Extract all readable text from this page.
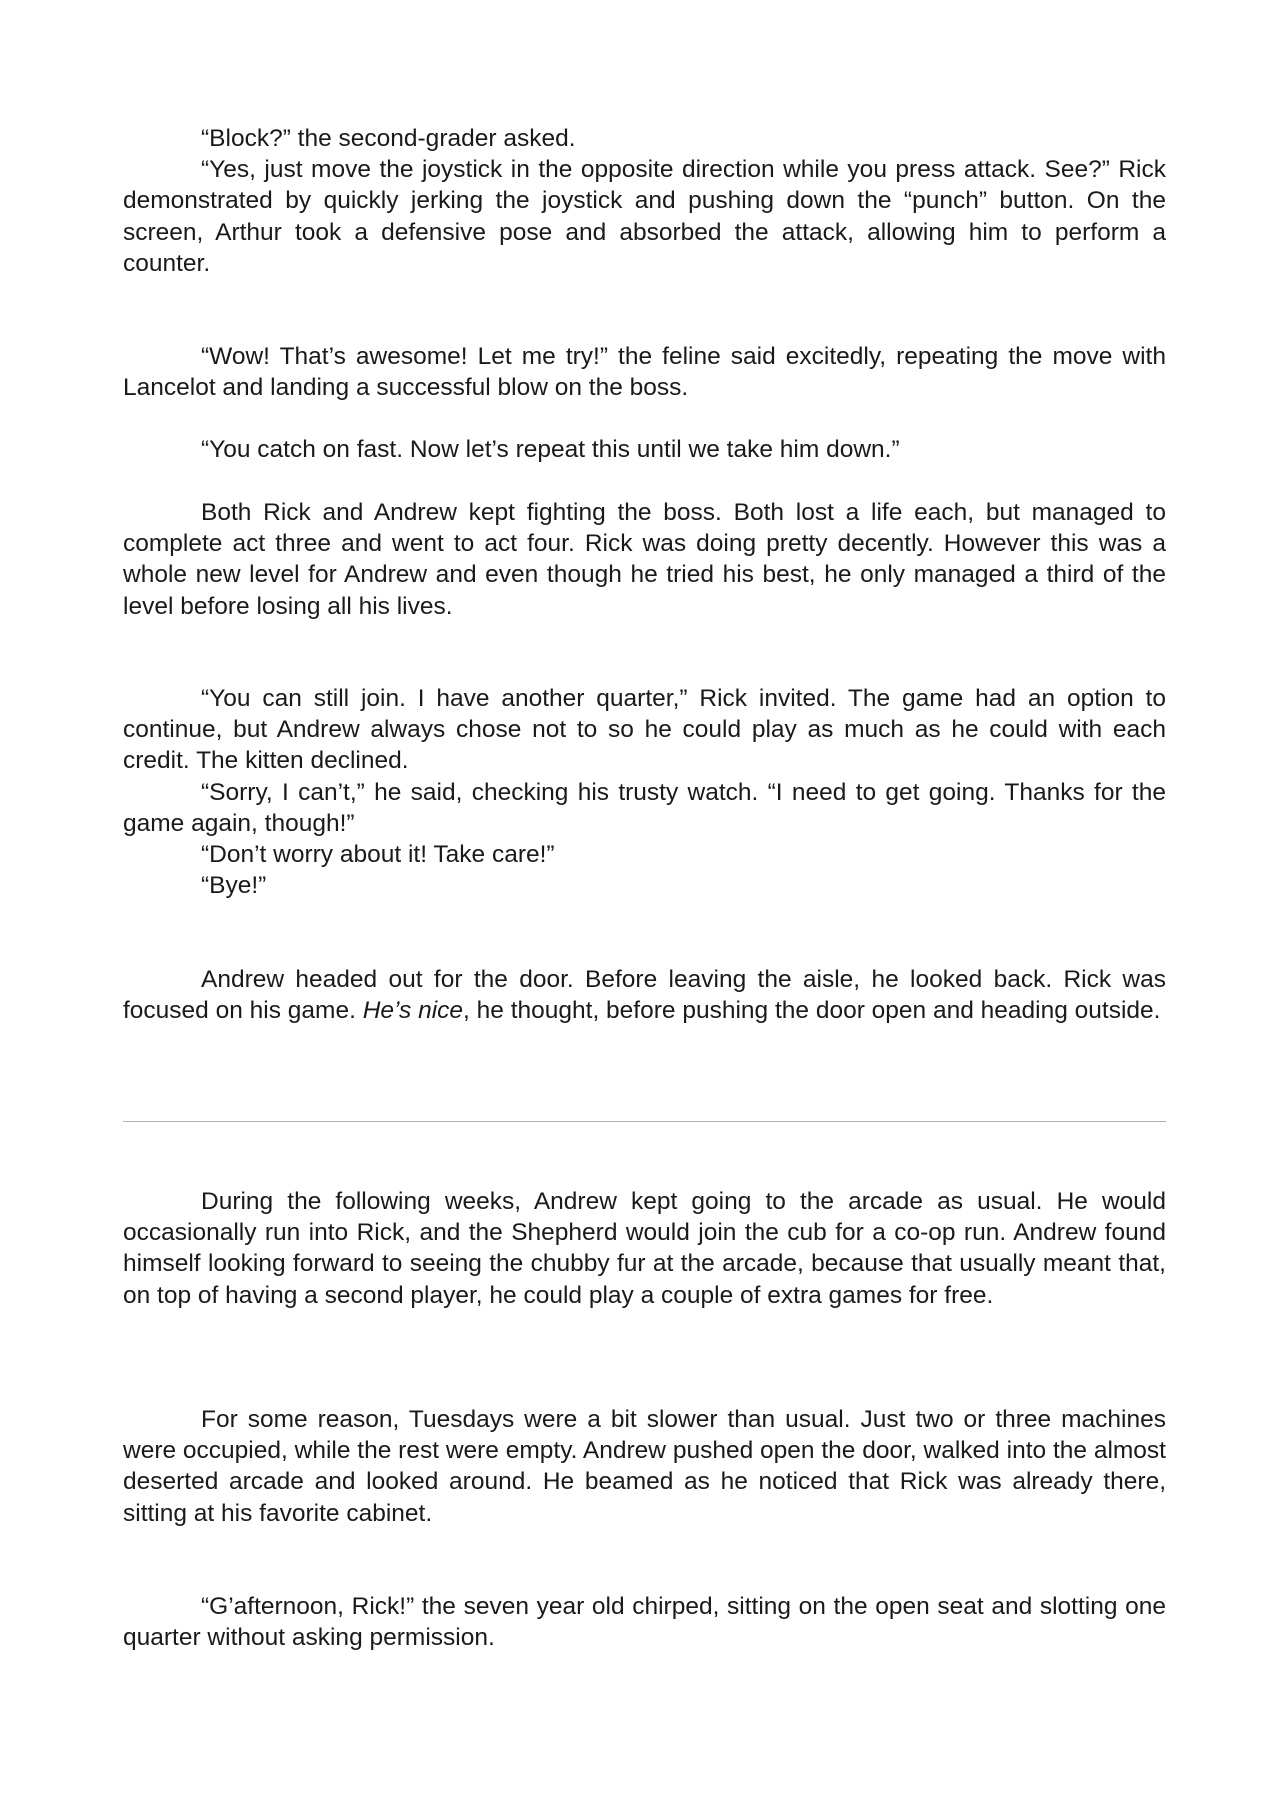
“Block?” the second-grader asked.

“Yes, just move the joystick in the opposite direction while you press attack. See?” Rick demonstrated by quickly jerking the joystick and pushing down the “punch” button. On the screen, Arthur took a defensive pose and absorbed the attack, allowing him to perform a counter.

“Wow! That’s awesome! Let me try!” the feline said excitedly, repeating the move with Lancelot and landing a successful blow on the boss.

“You catch on fast. Now let’s repeat this until we take him down.”

Both Rick and Andrew kept fighting the boss. Both lost a life each, but managed to complete act three and went to act four. Rick was doing pretty decently. However this was a whole new level for Andrew and even though he tried his best, he only managed a third of the level before losing all his lives.

“You can still join. I have another quarter,” Rick invited. The game had an option to continue, but Andrew always chose not to so he could play as much as he could with each credit. The kitten declined.

“Sorry, I can’t,” he said, checking his trusty watch. “I need to get going. Thanks for the game again, though!”

“Don’t worry about it! Take care!”

“Bye!”

Andrew headed out for the door. Before leaving the aisle, he looked back. Rick was focused on his game. He’s nice, he thought, before pushing the door open and heading outside.

During the following weeks, Andrew kept going to the arcade as usual. He would occasionally run into Rick, and the Shepherd would join the cub for a co-op run. Andrew found himself looking forward to seeing the chubby fur at the arcade, because that usually meant that, on top of having a second player, he could play a couple of extra games for free.

For some reason, Tuesdays were a bit slower than usual. Just two or three machines were occupied, while the rest were empty. Andrew pushed open the door, walked into the almost deserted arcade and looked around. He beamed as he noticed that Rick was already there, sitting at his favorite cabinet.

“G’afternoon, Rick!” the seven year old chirped, sitting on the open seat and slotting one quarter without asking permission.
